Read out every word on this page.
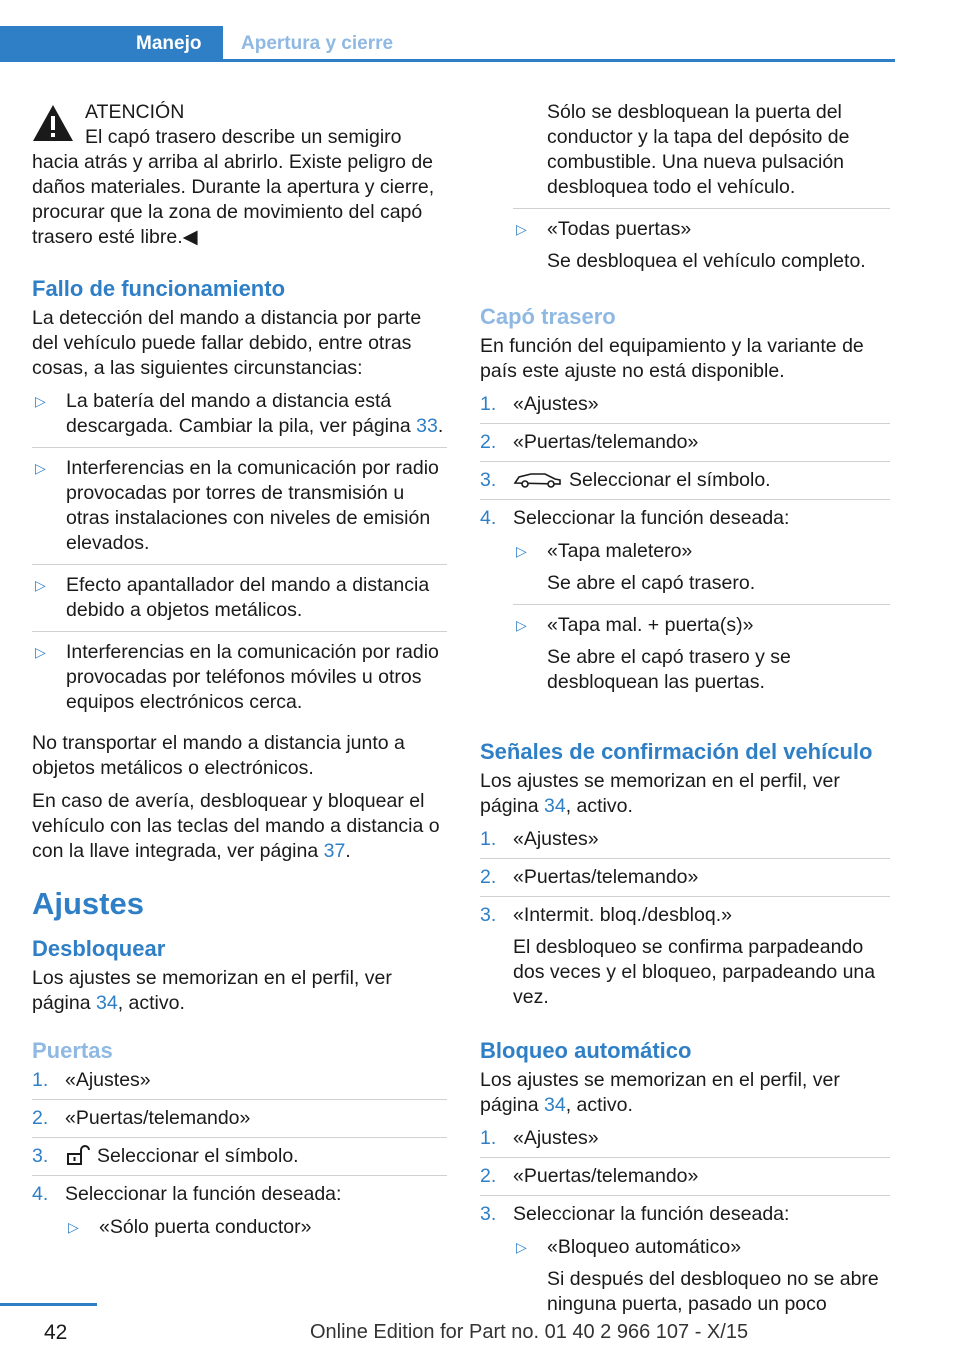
Manejo Apertura y cierre

ATENCIÓN

El capó trasero describe un semigiro hacia atrás y arriba al abrirlo. Existe peligro de daños materiales. Durante la apertura y cierre, procurar que la zona de movimiento del capó trasero esté libre.◀

Fallo de funcionamiento

La detección del mando a distancia por parte del vehículo puede fallar debido, entre otras cosas, a las siguientes circunstancias:

▷ La batería del mando a distancia está descargada. Cambiar la pila, ver página 33.
▷ Interferencias en la comunicación por radio provocadas por torres de transmisión u otras instalaciones con niveles de emisión elevados.
▷ Efecto apantallador del mando a distancia debido a objetos metálicos.
▷ Interferencias en la comunicación por radio provocadas por teléfonos móviles u otros equipos electrónicos cerca.

No transportar el mando a distancia junto a objetos metálicos o electrónicos.

En caso de avería, desbloquear y bloquear el vehículo con las teclas del mando a distancia o con la llave integrada, ver página 37.

Ajustes
Desbloquear

Los ajustes se memorizan en el perfil, ver página 34, activo.

Puertas
1. «Ajustes»
2. «Puertas/telemando»
3. Seleccionar el símbolo.
4. Seleccionar la función deseada:
▷ «Sólo puerta conductor»
Sólo se desbloquean la puerta del conductor y la tapa del depósito de combustible. Una nueva pulsación desbloquea todo el vehículo.
▷ «Todas puertas»
Se desbloquea el vehículo completo.
Capó trasero

En función del equipamiento y la variante de país este ajuste no está disponible.

1. «Ajustes»
2. «Puertas/telemando»
3.	Seleccionar el símbolo.
4. Seleccionar la función deseada:
▷ «Tapa maletero»
Se abre el capó trasero.
▷ «Tapa mal. + puerta(s)»
Se abre el capó trasero y se desbloquean las puertas.
Señales de confirmación del vehículo

Los ajustes se memorizan en el perfil, ver página 34, activo.

1. «Ajustes»
2. «Puertas/telemando»
3. «Intermit. bloq./desbloq.»
El desbloqueo se confirma parpadeando dos veces y el bloqueo, parpadeando una vez.
Bloqueo automático

Los ajustes se memorizan en el perfil, ver página 34, activo.

1. «Ajustes»
2. «Puertas/telemando»
3. Seleccionar la función deseada:
▷ «Bloqueo automático»
Si después del desbloqueo no se abre ninguna puerta, pasado un poco
42	Online Edition for Part no. 01 40 2 966 107 - X/15
